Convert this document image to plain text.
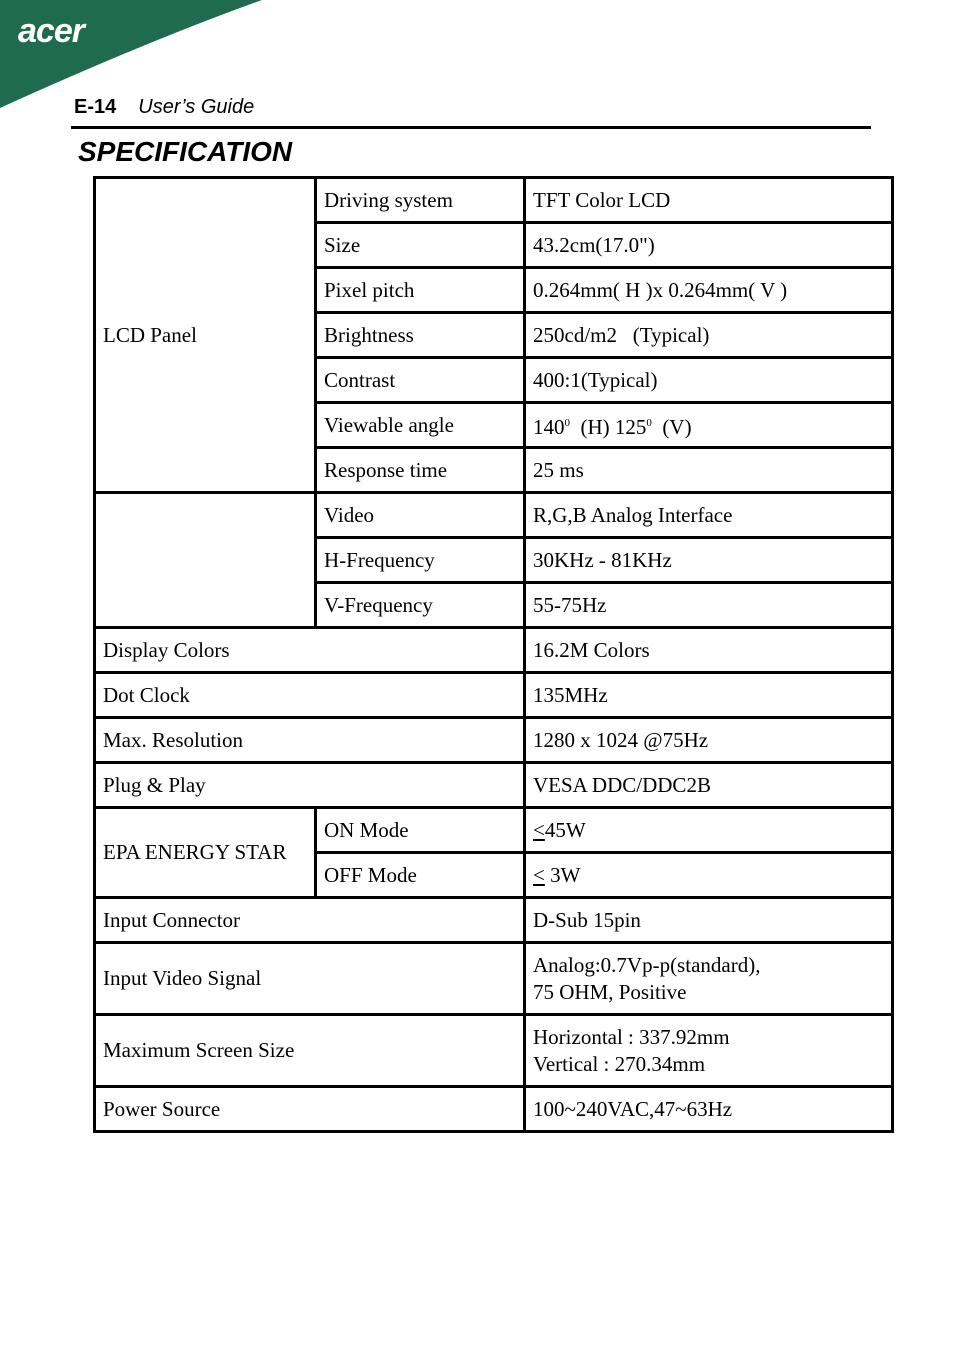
acer
E-14 User’s Guide
SPECIFICATION
LCD Panel	Driving system	TFT Color LCD
	Size	43.2cm(17.0")
	Pixel pitch	0.264mm( H )x 0.264mm( V )
	Brightness	250cd/m2   (Typical)
	Contrast	400:1(Typical)
	Viewable angle	$140^0$  (H) $125^0$  (V)
	Response time	25 ms
	Video	R,G,B Analog Interface
	H-Frequency	30KHz - 81KHz
	V-Frequency	55-75Hz
Display Colors		16.2M Colors
Dot Clock		135MHz
Max. Resolution		1280 x 1024 @75Hz
Plug & Play		VESA DDC/DDC2B
EPA ENERGY STAR	ON Mode	≤45W
	OFF Mode	≤ 3W
Input Connector		D-Sub 15pin
Input Video Signal		Analog:0.7Vp-p(standard),
75 OHM, Positive

Maximum Screen Size		Horizontal : 337.92mm
Vertical : 270.34mm

Power Source		100~240VAC,47~63Hz
